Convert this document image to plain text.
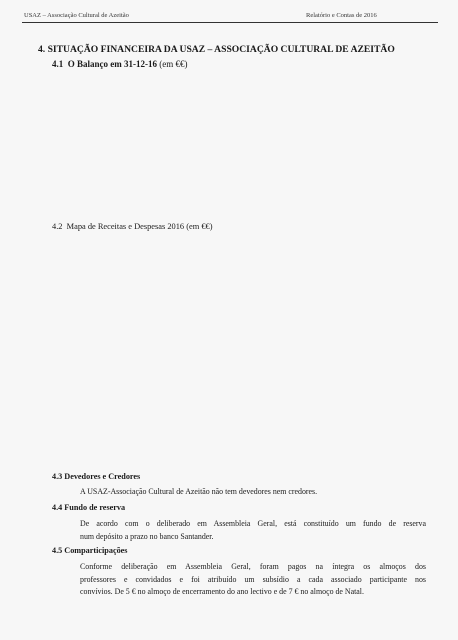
USAZ – Associação Cultural de Azeitão	Relatório e Contas de 2016
4. SITUAÇÃO FINANCEIRA DA USAZ – ASSOCIAÇÃO CULTURAL DE AZEITÃO
4.1 O Balanço em 31-12-16 (em €€)
4.2 Mapa de Receitas e Despesas 2016 (em €€)
4.3 Devedores e Credores
A USAZ-Associação Cultural de Azeitão não tem devedores nem credores.
4.4 Fundo de reserva
De acordo com o deliberado em Assembleia Geral, está constituído um fundo de reserva
num depósito a prazo no banco Santander.
4.5 Comparticipações
Conforme deliberação em Assembleia Geral, foram pagos na íntegra os almoços dos
professores e convidados e foi atribuído um subsídio a cada associado participante nos
convívios. De 5 € no almoço de encerramento do ano lectivo e de 7 € no almoço de Natal.
